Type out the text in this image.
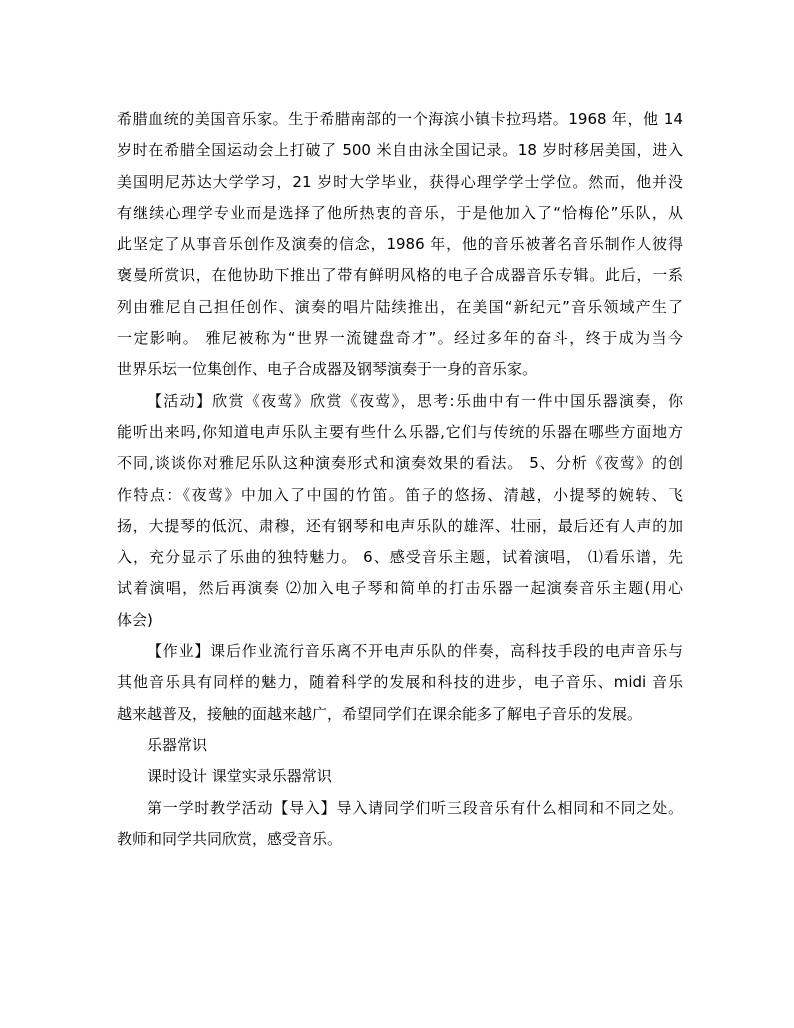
希腊血统的美国音乐家。生于希腊南部的一个海滨小镇卡拉玛塔。1968 年，他 14
岁时在希腊全国运动会上打破了 500 米自由泳全国记录。18 岁时移居美国，进入
美国明尼苏达大学学习，21 岁时大学毕业，获得心理学学士学位。然而，他并没
有继续心理学专业而是选择了他所热衷的音乐，于是他加入了“恰梅伦”乐队，从
此坚定了从事音乐创作及演奏的信念，1986 年，他的音乐被著名音乐制作人彼得
褒曼所赏识，在他协助下推出了带有鲜明风格的电子合成器音乐专辑。此后，一系
列由雅尼自己担任创作、演奏的唱片陆续推出，在美国“新纪元”音乐领域产生了
一定影响。 雅尼被称为“世界一流键盘奇才”。经过多年的奋斗，终于成为当今
世界乐坛一位集创作、电子合成器及钢琴演奏于一身的音乐家。

【活动】欣赏《夜莺》欣赏《夜莺》，思考:乐曲中有一件中国乐器演奏，你
能听出来吗,你知道电声乐队主要有些什么乐器,它们与传统的乐器在哪些方面地方
不同,谈谈你对雅尼乐队这种演奏形式和演奏效果的看法。 5、分析《夜莺》的创
作特点：《夜莺》中加入了中国的竹笛。笛子的悠扬、清越，小提琴的婉转、飞
扬，大提琴的低沉、肃穆，还有钢琴和电声乐队的雄浑、壮丽，最后还有人声的加
入，充分显示了乐曲的独特魅力。 6、感受音乐主题，试着演唱， ⑴看乐谱，先
试着演唱，然后再演奏 ⑵加入电子琴和简单的打击乐器一起演奏音乐主题(用心
体会)

【作业】课后作业流行音乐离不开电声乐队的伴奏，高科技手段的电声音乐与
其他音乐具有同样的魅力，随着科学的发展和科技的进步，电子音乐、midi 音乐
越来越普及，接触的面越来越广，希望同学们在课余能多了解电子音乐的发展。

乐器常识

课时设计 课堂实录乐器常识

第一学时教学活动【导入】导入请同学们听三段音乐有什么相同和不同之处。
教师和同学共同欣赏，感受音乐。
